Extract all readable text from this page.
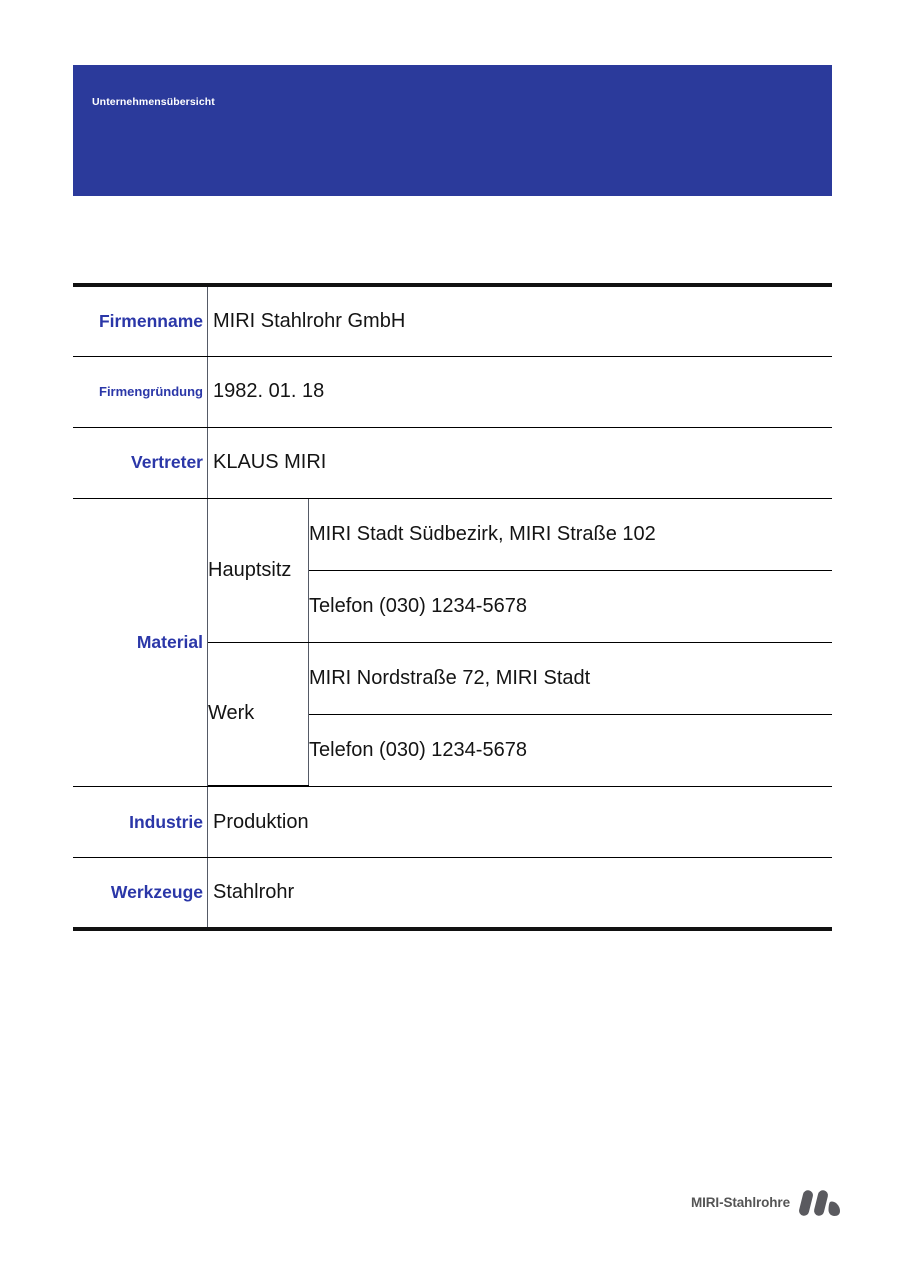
Unternehmensübersicht
Firmenname	MIRI Stahlrohr GmbH
Firmengründung	1982. 01. 18
Vertreter	KLAUS MIRI
Material	
Hauptsitz	MIRI Stadt Südbezirk, MIRI Straße 102
Telefon (030) 1234-5678
Werk	MIRI Nordstraße 72, MIRI Stadt
Telefon (030) 1234-5678

Industrie	Produktion
Werkzeuge	Stahlrohr
MIRI-Stahlrohre
